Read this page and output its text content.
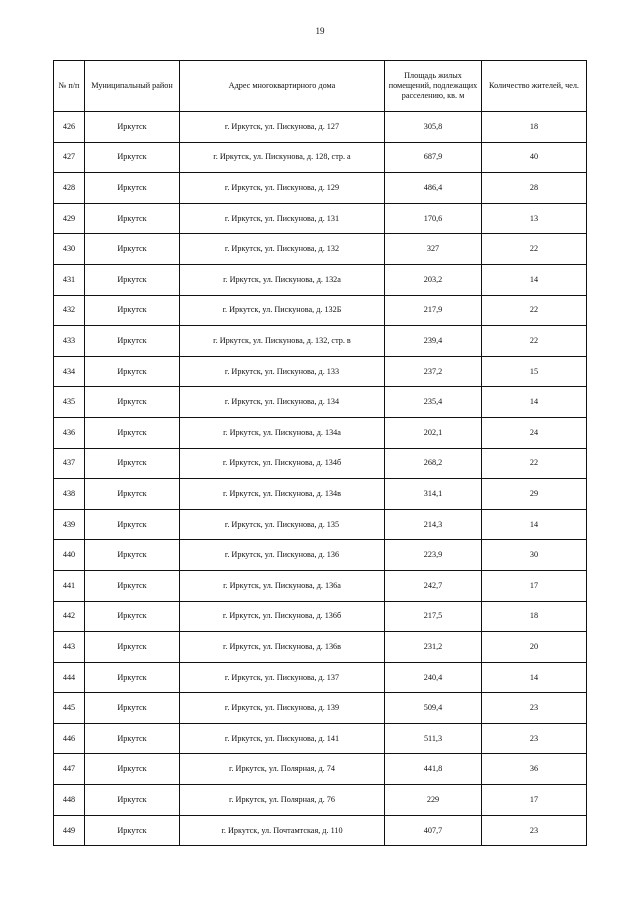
19
№ п/п	Муниципальный район	Адрес многоквартирного дома	Площадь жилых помещений, подлежащих расселению, кв. м	Количество жителей, чел.
426	Иркутск	г. Иркутск, ул. Пискунова, д. 127	305,8	18
427	Иркутск	г. Иркутск, ул. Пискунова, д. 128, стр. а	687,9	40
428	Иркутск	г. Иркутск, ул. Пискунова, д. 129	486,4	28
429	Иркутск	г. Иркутск, ул. Пискунова, д. 131	170,6	13
430	Иркутск	г. Иркутск, ул. Пискунова, д. 132	327	22
431	Иркутск	г. Иркутск, ул. Пискунова, д. 132а	203,2	14
432	Иркутск	г. Иркутск, ул. Пискунова, д. 132Б	217,9	22
433	Иркутск	г. Иркутск, ул. Пискунова, д. 132, стр. в	239,4	22
434	Иркутск	г. Иркутск, ул. Пискунова, д. 133	237,2	15
435	Иркутск	г. Иркутск, ул. Пискунова, д. 134	235,4	14
436	Иркутск	г. Иркутск, ул. Пискунова, д. 134а	202,1	24
437	Иркутск	г. Иркутск, ул. Пискунова, д. 134б	268,2	22
438	Иркутск	г. Иркутск, ул. Пискунова, д. 134в	314,1	29
439	Иркутск	г. Иркутск, ул. Пискунова, д. 135	214,3	14
440	Иркутск	г. Иркутск, ул. Пискунова, д. 136	223,9	30
441	Иркутск	г. Иркутск, ул. Пискунова, д. 136а	242,7	17
442	Иркутск	г. Иркутск, ул. Пискунова, д. 136б	217,5	18
443	Иркутск	г. Иркутск, ул. Пискунова, д. 136в	231,2	20
444	Иркутск	г. Иркутск, ул. Пискунова, д. 137	240,4	14
445	Иркутск	г. Иркутск, ул. Пискунова, д. 139	509,4	23
446	Иркутск	г. Иркутск, ул. Пискунова, д. 141	511,3	23
447	Иркутск	г. Иркутск, ул. Полярная, д. 74	441,8	36
448	Иркутск	г. Иркутск, ул. Полярная, д. 76	229	17
449	Иркутск	г. Иркутск, ул. Почтамтская, д. 110	407,7	23
